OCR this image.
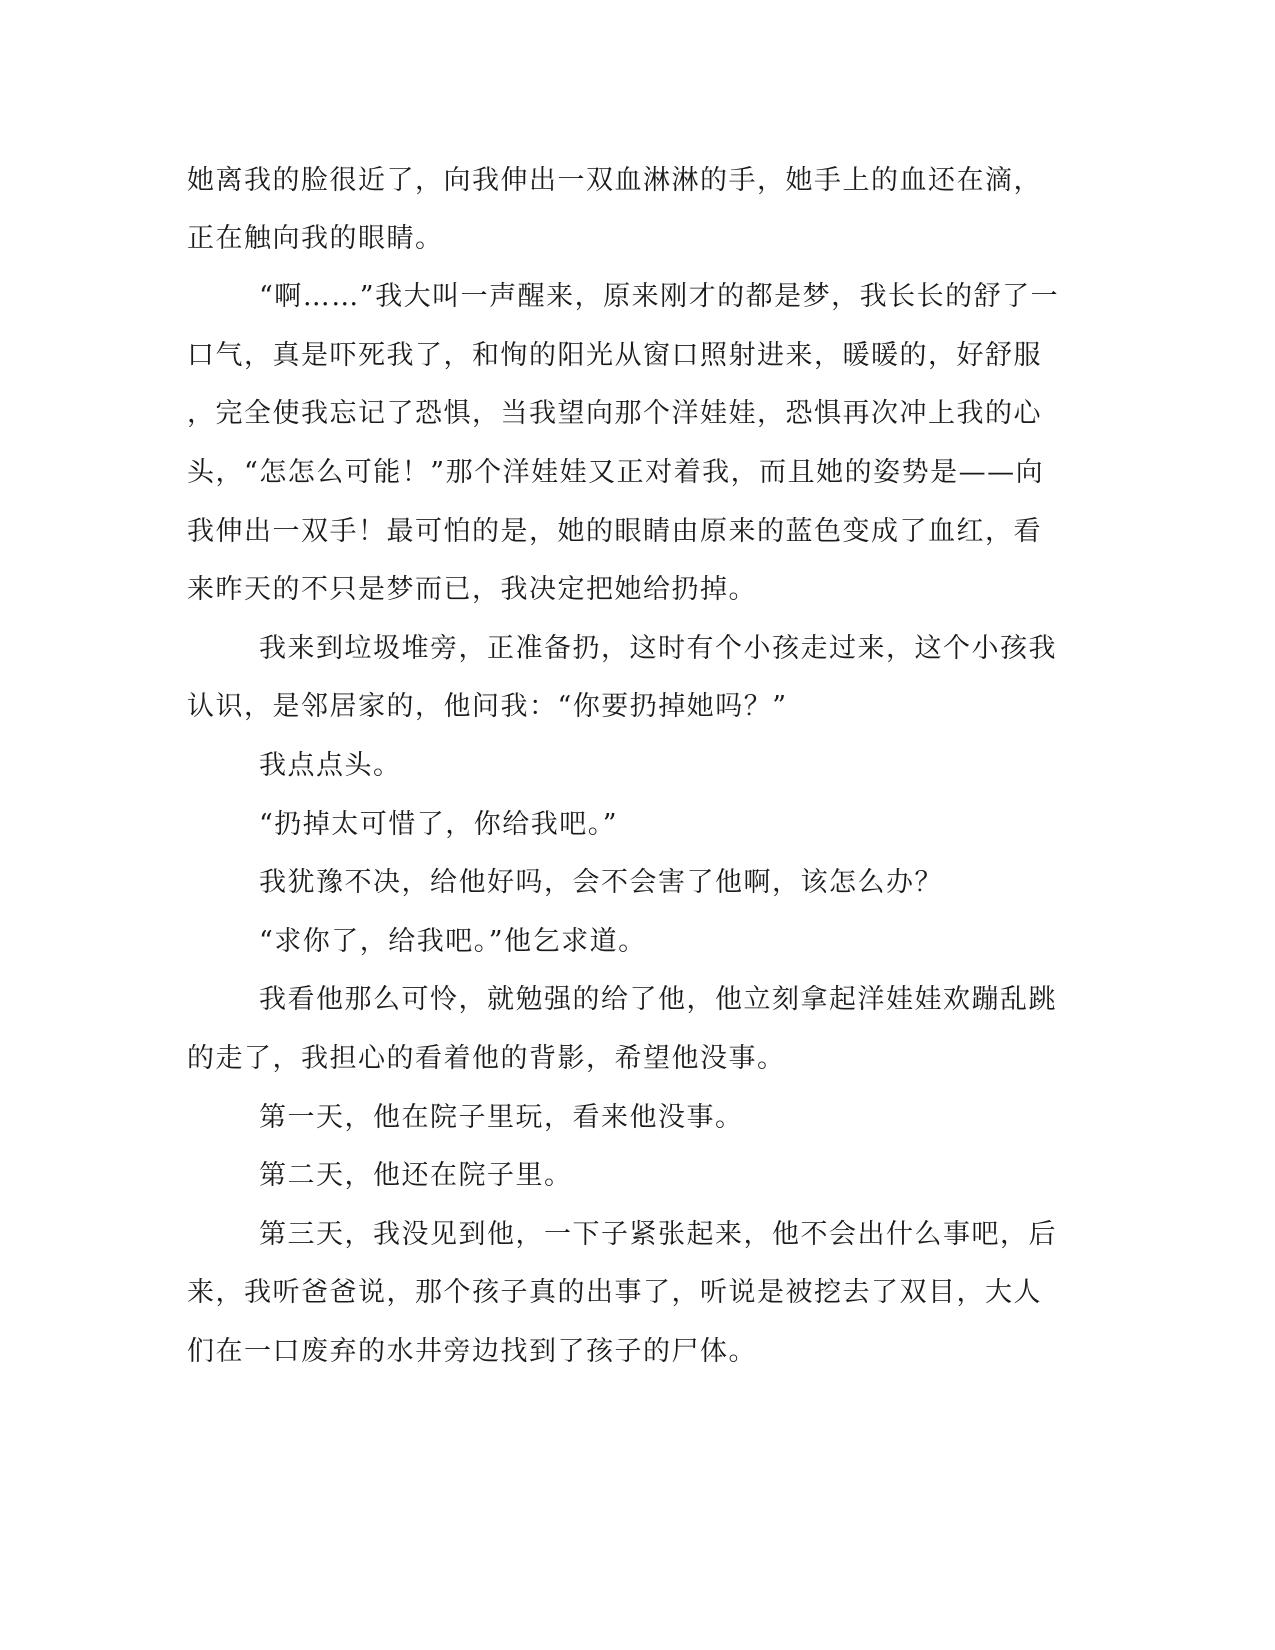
她离我的脸很近了，向我伸出一双血淋淋的手，她手上的血还在滴，

正在触向我的眼睛。

“啊……”我大叫一声醒来，原来刚才的都是梦，我长长的舒了一

口气，真是吓死我了，和恂的阳光从窗口照射进来，暖暖的，好舒服

，完全使我忘记了恐惧，当我望向那个洋娃娃，恐惧再次冲上我的心

头，“怎怎么可能！”那个洋娃娃又正对着我，而且她的姿势是——向

我伸出一双手！最可怕的是，她的眼睛由原来的蓝色变成了血红，看

来昨天的不只是梦而已，我决定把她给扔掉。

我来到垃圾堆旁，正准备扔，这时有个小孩走过来，这个小孩我

认识，是邻居家的，他问我：“你要扔掉她吗？”

我点点头。

“扔掉太可惜了，你给我吧。”

我犹豫不决，给他好吗，会不会害了他啊，该怎么办？

“求你了，给我吧。”他乞求道。

我看他那么可怜，就勉强的给了他，他立刻拿起洋娃娃欢蹦乱跳

的走了，我担心的看着他的背影，希望他没事。

第一天，他在院子里玩，看来他没事。

第二天，他还在院子里。

第三天，我没见到他，一下子紧张起来，他不会出什么事吧，后

来，我听爸爸说，那个孩子真的出事了，听说是被挖去了双目，大人

们在一口废弃的水井旁边找到了孩子的尸体。
